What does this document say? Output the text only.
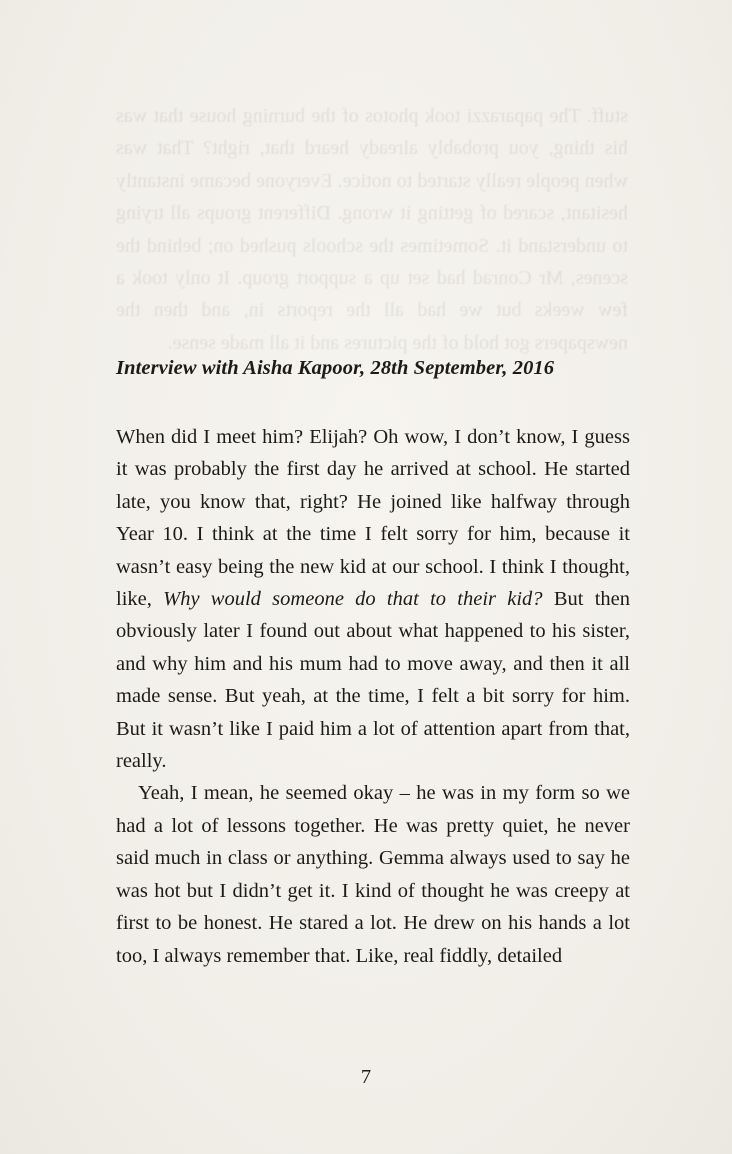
stuff. The paparazzi took photos of the burning house that was his thing, you probably already heard that, right? That was when people really started to notice. Everyone became instantly hesitant, scared of getting it wrong. Different groups all trying to understand it. Sometimes the schools pushed on; behind the scenes, Mr Conrad had set up a support group. It only took a few weeks but we had all the reports in, and then the newspapers got hold of the pictures and it all made sense.

Interview with Aisha Kapoor, 28th September, 2016

When did I meet him? Elijah? Oh wow, I don’t know, I guess it was probably the first day he arrived at school. He started late, you know that, right? He joined like halfway through Year 10. I think at the time I felt sorry for him, because it wasn’t easy being the new kid at our school. I think I thought, like, Why would someone do that to their kid? But then obviously later I found out about what happened to his sister, and why him and his mum had to move away, and then it all made sense. But yeah, at the time, I felt a bit sorry for him. But it wasn’t like I paid him a lot of attention apart from that, really.

Yeah, I mean, he seemed okay – he was in my form so we had a lot of lessons together. He was pretty quiet, he never said much in class or anything. Gemma always used to say he was hot but I didn’t get it. I kind of thought he was creepy at first to be honest. He stared a lot. He drew on his hands a lot too, I always remember that. Like, real fiddly, detailed

7
